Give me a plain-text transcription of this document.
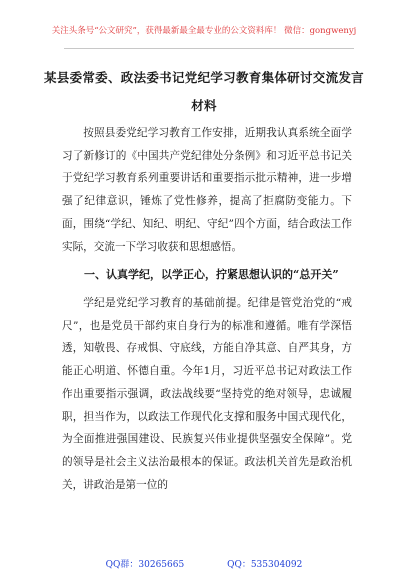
关注头条号“公文研究”，获得最新最全最专业的公文资料库！ 微信：gongwenyj
某县委常委、政法委书记党纪学习教育集体研讨交流发言
材料

按照县委党纪学习教育工作安排，近期我认真系统全面学习了新修订的《中国共产党纪律处分条例》和习近平总书记关于党纪学习教育系列重要讲话和重要指示批示精神，进一步增强了纪律意识，锤炼了党性修养，提高了拒腐防变能力。下面，围绕“学纪、知纪、明纪、守纪”四个方面，结合政法工作实际，交流一下学习收获和思想感悟。

一、认真学纪，以学正心，拧紧思想认识的“总开关”

学纪是党纪学习教育的基础前提。纪律是管党治党的“戒尺”，也是党员干部约束自身行为的标准和遵循。唯有学深悟透，知敬畏、存戒惧、守底线，方能自净其意、自严其身，方能正心明道、怀德自重。今年1月，习近平总书记对政法工作作出重要指示强调，政法战线要“坚持党的绝对领导，忠诚履职，担当作为，以政法工作现代化支撑和服务中国式现代化，为全面推进强国建设、民族复兴伟业提供坚强安全保障”。党的领导是社会主义法治最根本的保证。政法机关首先是政治机关，讲政治是第一位的

QQ群：30265665 QQ：535304092
